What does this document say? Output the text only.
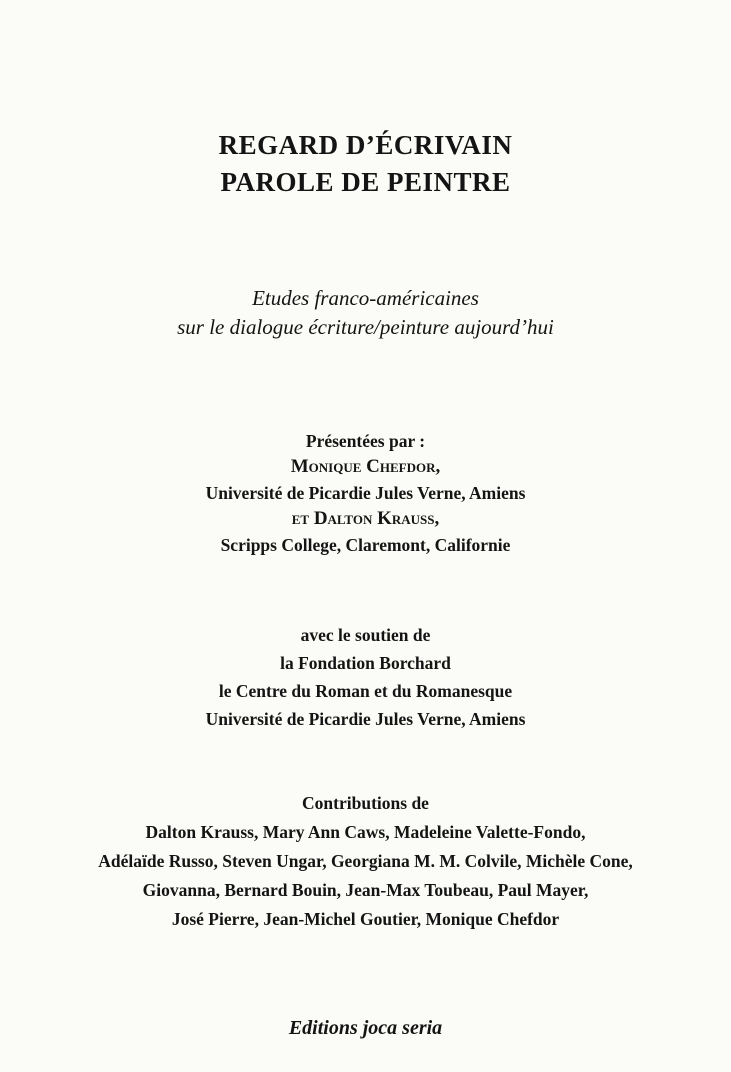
REGARD D’ÉCRIVAIN
PAROLE DE PEINTRE
Etudes franco-américaines
sur le dialogue écriture/peinture aujourd’hui
Présentées par :
Monique Chefdor,
Université de Picardie Jules Verne, Amiens
et Dalton Krauss,
Scripps College, Claremont, Californie
avec le soutien de
la Fondation Borchard
le Centre du Roman et du Romanesque
Université de Picardie Jules Verne, Amiens
Contributions de
Dalton Krauss, Mary Ann Caws, Madeleine Valette-Fondo,
Adélaïde Russo, Steven Ungar, Georgiana M. M. Colvile, Michèle Cone,
Giovanna, Bernard Bouin, Jean-Max Toubeau, Paul Mayer,
José Pierre, Jean-Michel Goutier, Monique Chefdor
Editions joca seria
